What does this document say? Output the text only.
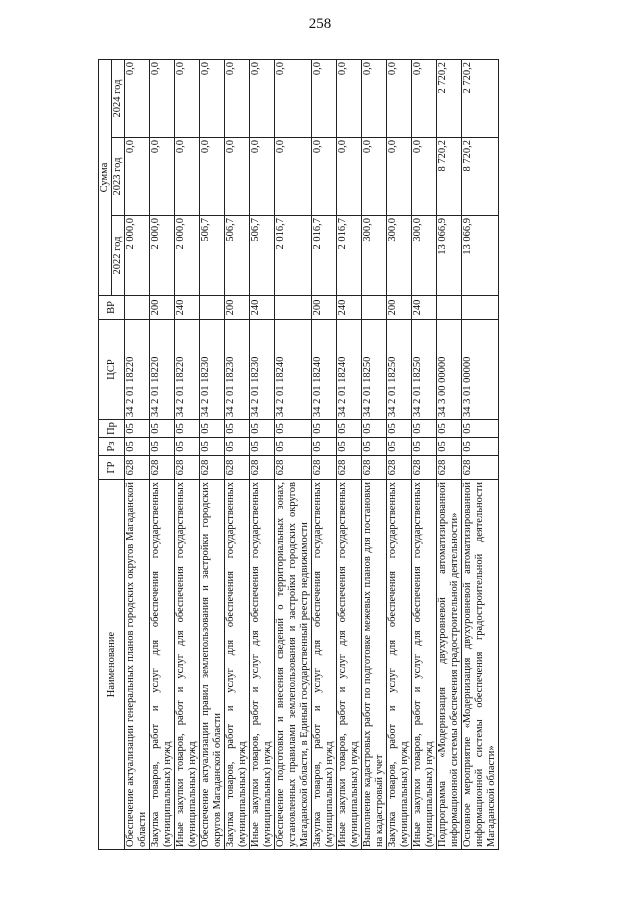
258
Наименование	ГР	Рз	Пр	ЦСР	ВР	Сумма		
						2022 год	2023 год	2024 год
Обеспечение актуализации генеральных планов городских округов Магаданской области	628	05	05	34 2 01 18220		2 000,0	0,0	0,0
Закупка товаров, работ и услуг для обеспечения государственных (муниципальных) нужд	628	05	05	34 2 01 18220	200	2 000,0	0,0	0,0
Иные закупки товаров, работ и услуг для обеспечения государственных (муниципальных) нужд	628	05	05	34 2 01 18220	240	2 000,0	0,0	0,0
Обеспечение актуализации правил землепользования и застройки городских округов Магаданской области	628	05	05	34 2 01 18230		506,7	0,0	0,0
Закупка товаров, работ и услуг для обеспечения государственных (муниципальных) нужд	628	05	05	34 2 01 18230	200	506,7	0,0	0,0
Иные закупки товаров, работ и услуг для обеспечения государственных (муниципальных) нужд	628	05	05	34 2 01 18230	240	506,7	0,0	0,0
Обеспечение подготовки и внесения сведений о территориальных зонах, установленных правилами землепользования и застройки городских округов Магаданской области, в Единый государственный реестр недвижимости	628	05	05	34 2 01 18240		2 016,7	0,0	0,0
Закупка товаров, работ и услуг для обеспечения государственных (муниципальных) нужд	628	05	05	34 2 01 18240	200	2 016,7	0,0	0,0
Иные закупки товаров, работ и услуг для обеспечения государственных (муниципальных) нужд	628	05	05	34 2 01 18240	240	2 016,7	0,0	0,0
Выполнение кадастровых работ по подготовке межевых планов для постановки на кадастровый учет	628	05	05	34 2 01 18250		300,0	0,0	0,0
Закупка товаров, работ и услуг для обеспечения государственных (муниципальных) нужд	628	05	05	34 2 01 18250	200	300,0	0,0	0,0
Иные закупки товаров, работ и услуг для обеспечения государственных (муниципальных) нужд	628	05	05	34 2 01 18250	240	300,0	0,0	0,0
Подпрограмма «Модернизация двухуровневой автоматизированной информационной системы обеспечения градостроительной деятельности»	628	05	05	34 3 00 00000		13 066,9	8 720,2	2 720,2
Основное мероприятие «Модернизация двухуровневой автоматизированной информационной системы обеспечения градостроительной деятельности Магаданской области»	628	05	05	34 3 01 00000		13 066,9	8 720,2	2 720,2
